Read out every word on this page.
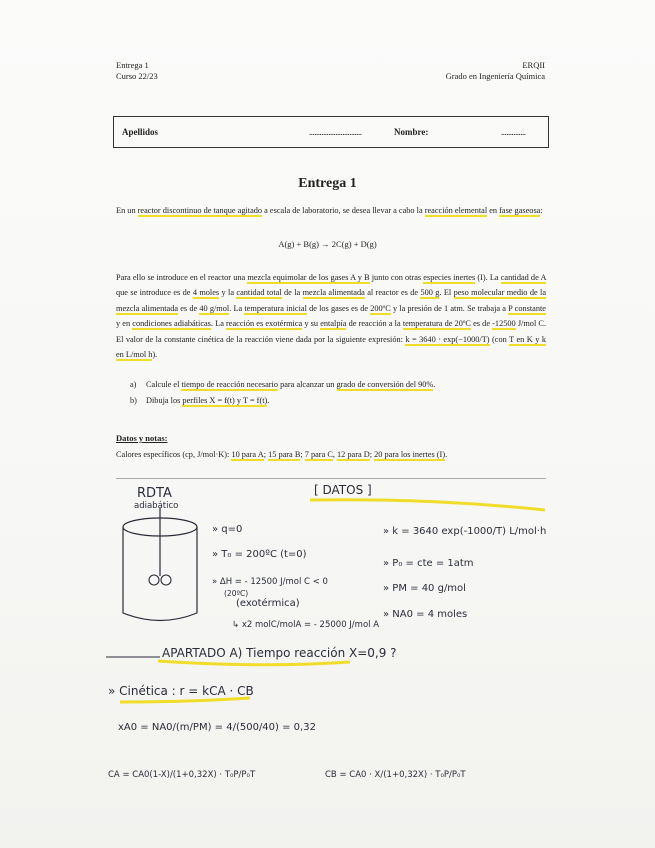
Entrega 1
Curso 22/23
ERQII
Grado en Ingeniería Química
Apellidos	..............................	Nombre:	..............
Entrega 1
En un reactor discontinuo de tanque agitado a escala de laboratorio, se desea llevar a cabo la reacción elemental en fase gaseosa:
A(g) + B(g) → 2C(g) + D(g)
Para ello se introduce en el reactor una mezcla equimolar de los gases A y B junto con otras especies inertes (I). La cantidad de A que se introduce es de 4 moles y la cantidad total de la mezcla alimentada al reactor es de 500 g. El peso molecular medio de la mezcla alimentada es de 40 g/mol. La temperatura inicial de los gases es de 200ºC y la presión de 1 atm. Se trabaja a P constante y en condiciones adiabáticas. La reacción es exotérmica y su entalpía de reacción a la temperatura de 20ºC es de -12500 J/mol C. El valor de la constante cinética de la reacción viene dada por la siguiente expresión: k = 3640 · exp(−1000/T) (con T en K y k en L/mol h).
a) Calcule el tiempo de reacción necesario para alcanzar un grado de conversión del 90%.
b) Dibuja los perfiles X = f(t) y T = f(t).
Datos y notas:
Calores específicos (cp, J/mol·K): 10 para A; 15 para B; 7 para C, 12 para D; 20 para los inertes (I).
RDTA
adiabático
[ DATOS ]
» q=0
» T₀ = 200ºC (t=0)
» ΔH = - 12500 J/mol C < 0
(20ºC)
(exotérmica)
↳ x2 molC/molA = - 25000 J/mol A
» k = 3640 exp(-1000/T) L/mol·h
» P₀ = cte = 1atm
» PM = 40 g/mol
» NA0 = 4 moles
APARTADO A) Tiempo reacción X=0,9 ?
» Cinética : r = kCA · CB
xA0 = NA0/(m/PM) = 4/(500/40) = 0,32
CA = CA0(1-X)/(1+0,32X) · T₀P/P₀T	CB = CA0 · X/(1+0,32X) · T₀P/P₀T
